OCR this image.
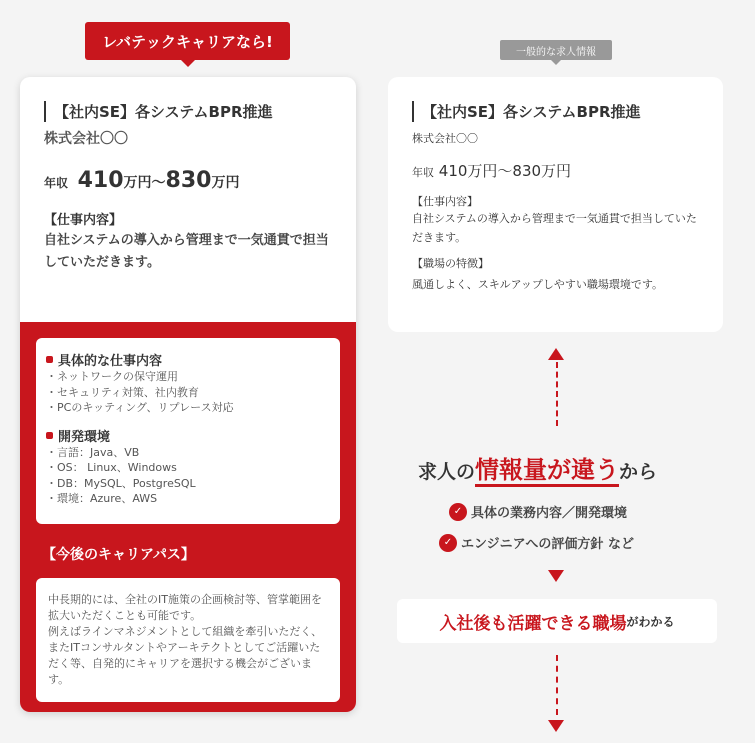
レバテックキャリアなら!
一般的な求人情報
【社内SE】各システムBPR推進
株式会社〇〇
年収 410万円〜830万円
【仕事内容】
自社システムの導入から管理まで一気通貫で担当していただきます。
具体的な仕事内容
・ネットワークの保守運用
・セキュリティ対策、社内教育
・PCのキッティング、リプレース対応
開発環境
・言語：Java、VB
・OS： Linux、Windows
・DB：MySQL、PostgreSQL
・環境：Azure、AWS
【今後のキャリアパス】
中長期的には、全社のIT施策の企画検討等、管掌範囲を拡大いただくことも可能です。
例えばラインマネジメントとして組織を牽引いただく、またITコンサルタントやアーキテクトとしてご活躍いただく等、自発的にキャリアを選択する機会がございます。
【社内SE】各システムBPR推進
株式会社〇〇
年収 410万円〜830万円
【仕事内容】
自社システムの導入から管理まで一気通貫で担当していただきます。
【職場の特徴】
風通しよく、スキルアップしやすい職場環境です。
求人の情報量が違うから
✓ 具体の業務内容／開発環境
✓ エンジニアへの評価方針 など
入社後も活躍できる職場 がわかる
